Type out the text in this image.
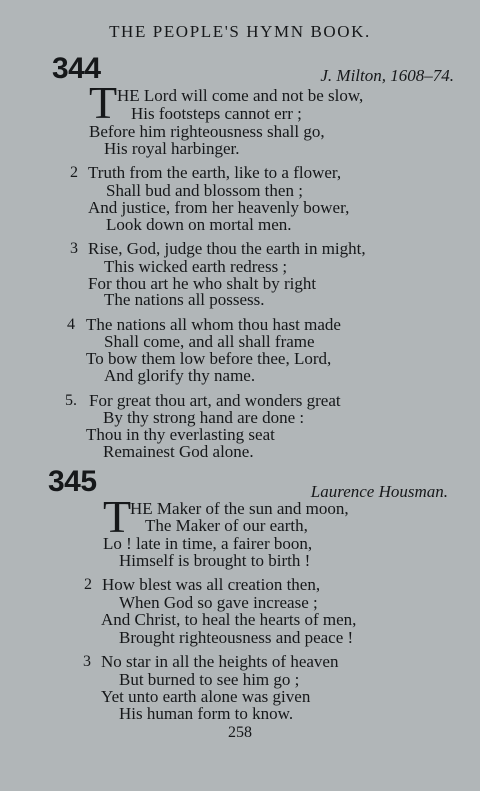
THE PEOPLE'S HYMN BOOK.
344	J. Milton, 1608–74.
T HE Lord will come and not be slow,
His footsteps cannot err ;
Before him righteousness shall go,
His royal harbinger.
2 Truth from the earth, like to a flower,
Shall bud and blossom then ;
And justice, from her heavenly bower,
Look down on mortal men.
3 Rise, God, judge thou the earth in might,
This wicked earth redress ;
For thou art he who shalt by right
The nations all possess.
4 The nations all whom thou hast made
Shall come, and all shall frame
To bow them low before thee, Lord,
And glorify thy name.
5. For great thou art, and wonders great
By thy strong hand are done :
Thou in thy everlasting seat
Remainest God alone.
345	Laurence Housman.
T
HE Maker of the sun and moon,
The Maker of our earth,
Lo ! late in time, a fairer boon,
Himself is brought to birth !
2 How blest was all creation then,
When God so gave increase ;
And Christ, to heal the hearts of men,
Brought righteousness and peace !
3 No star in all the heights of heaven
But burned to see him go ;
Yet unto earth alone was given
His human form to know.
258
